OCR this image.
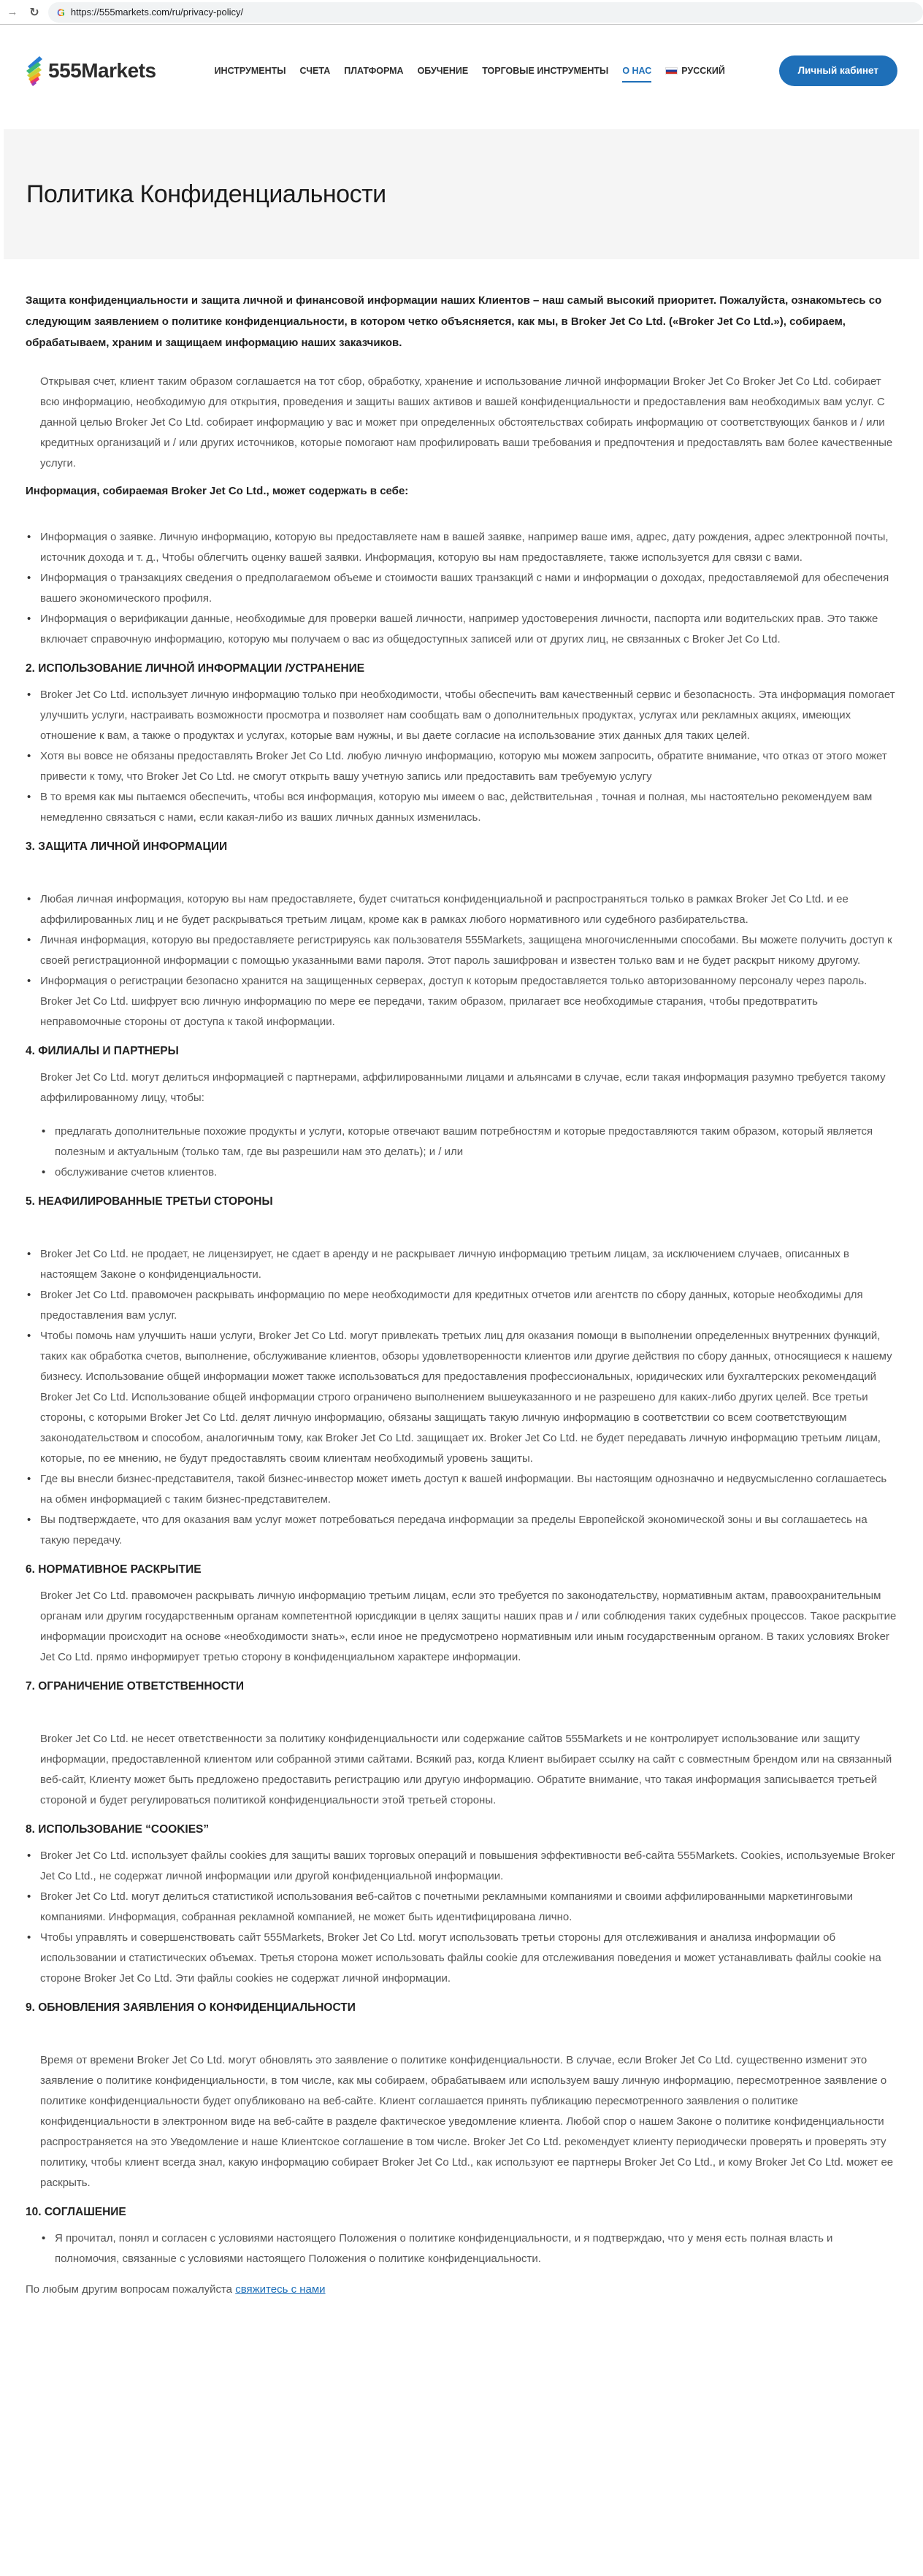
→ ↻	G https://555markets.com/ru/privacy-policy/
555Markets	ИНСТРУМЕНТЫ СЧЕТА ПЛАТФОРМА ОБУЧЕНИЕ ТОРГОВЫЕ ИНСТРУМЕНТЫ О НАС	РУССКИЙ	Личный кабинет
Политика Конфиденциальности

Защита конфиденциальности и защита личной и финансовой информации наших Клиентов – наш самый высокий приоритет. Пожалуйста, ознакомьтесь со следующим заявлением о политике конфиденциальности, в котором четко объясняется, как мы, в Broker Jet Co Ltd. («Broker Jet Co Ltd.»), собираем, обрабатываем, храним и защищаем информацию наших заказчиков.

Открывая счет, клиент таким образом соглашается на тот сбор, обработку, хранение и использование личной информации Broker Jet Co Broker Jet Co Ltd. собирает всю информацию, необходимую для открытия, проведения и защиты ваших активов и вашей конфиденциальности и предоставления вам необходимых вам услуг. С данной целью Broker Jet Co Ltd. собирает информацию у вас и может при определенных обстоятельствах собирать информацию от соответствующих банков и / или кредитных организаций и / или других источников, которые помогают нам профилировать ваши требования и предпочтения и предоставлять вам более качественные услуги.

Информация, собираемая Broker Jet Co Ltd., может содержать в себе:

• Информация о заявке. Личную информацию, которую вы предоставляете нам в вашей заявке, например ваше имя, адрес, дату рождения, адрес электронной почты, источник дохода и т. д., Чтобы облегчить оценку вашей заявки. Информация, которую вы нам предоставляете, также используется для связи с вами.
• Информация о транзакциях сведения о предполагаемом объеме и стоимости ваших транзакций с нами и информации о доходах, предоставляемой для обеспечения вашего экономического профиля.
• Информация о верификации данные, необходимые для проверки вашей личности, например удостоверения личности, паспорта или водительских прав. Это также включает справочную информацию, которую мы получаем о вас из общедоступных записей или от других лиц, не связанных с Broker Jet Co Ltd.
2. ИСПОЛЬЗОВАНИЕ ЛИЧНОЙ ИНФОРМАЦИИ /УСТРАНЕНИЕ
• Broker Jet Co Ltd. использует личную информацию только при необходимости, чтобы обеспечить вам качественный сервис и безопасность. Эта информация помогает улучшить услуги, настраивать возможности просмотра и позволяет нам сообщать вам о дополнительных продуктах, услугах или рекламных акциях, имеющих отношение к вам, а также о продуктах и услугах, которые вам нужны, и вы даете согласие на использование этих данных для таких целей.
• Хотя вы вовсе не обязаны предоставлять Broker Jet Co Ltd. любую личную информацию, которую мы можем запросить, обратите внимание, что отказ от этого может привести к тому, что Broker Jet Co Ltd. не смогут открыть вашу учетную запись или предоставить вам требуемую услугу
• В то время как мы пытаемся обеспечить, чтобы вся информация, которую мы имеем о вас, действительная , точная и полная, мы настоятельно рекомендуем вам немедленно связаться с нами, если какая-либо из ваших личных данных изменилась.
3. ЗАЩИТА ЛИЧНОЙ ИНФОРМАЦИИ
• Любая личная информация, которую вы нам предоставляете, будет считаться конфиденциальной и распространяться только в рамках Broker Jet Co Ltd. и ее аффилированных лиц и не будет раскрываться третьим лицам, кроме как в рамках любого нормативного или судебного разбирательства.
• Личная информация, которую вы предоставляете регистрируясь как пользователя 555Markets, защищена многочисленными способами. Вы можете получить доступ к своей регистрационной информации с помощью указанными вами пароля. Этот пароль зашифрован и известен только вам и не будет раскрыт никому другому.
• Информация о регистрации безопасно хранится на защищенных серверах, доступ к которым предоставляется только авторизованному персоналу через пароль. Broker Jet Co Ltd. шифрует всю личную информацию по мере ее передачи, таким образом, прилагает все необходимые старания, чтобы предотвратить неправомочные стороны от доступа к такой информации.
4. ФИЛИАЛЫ И ПАРТНЕРЫ

Broker Jet Co Ltd. могут делиться информацией с партнерами, аффилированными лицами и альянсами в случае, если такая информация разумно требуется такому аффилированному лицу, чтобы:

• предлагать дополнительные похожие продукты и услуги, которые отвечают вашим потребностям и которые предоставляются таким образом, который является полезным и актуальным (только там, где вы разрешили нам это делать); и / или
• обслуживание счетов клиентов.
5. НЕАФИЛИРОВАННЫЕ ТРЕТЬИ СТОРОНЫ
• Broker Jet Co Ltd. не продает, не лицензирует, не сдает в аренду и не раскрывает личную информацию третьим лицам, за исключением случаев, описанных в настоящем Законе о конфиденциальности.
• Broker Jet Co Ltd. правомочен раскрывать информацию по мере необходимости для кредитных отчетов или агентств по сбору данных, которые необходимы для предоставления вам услуг.
• Чтобы помочь нам улучшить наши услуги, Broker Jet Co Ltd. могут привлекать третьих лиц для оказания помощи в выполнении определенных внутренних функций, таких как обработка счетов, выполнение, обслуживание клиентов, обзоры удовлетворенности клиентов или другие действия по сбору данных, относящиеся к нашему бизнесу. Использование общей информации может также использоваться для предоставления профессиональных, юридических или бухгалтерских рекомендаций Broker Jet Co Ltd. Использование общей информации строго ограничено выполнением вышеуказанного и не разрешено для каких-либо других целей. Все третьи стороны, с которыми Broker Jet Co Ltd. делят личную информацию, обязаны защищать такую личную информацию в соответствии со всем соответствующим законодательством и способом, аналогичным тому, как Broker Jet Co Ltd. защищает их. Broker Jet Co Ltd. не будет передавать личную информацию третьим лицам, которые, по ее мнению, не будут предоставлять своим клиентам необходимый уровень защиты.
• Где вы внесли бизнес-представителя, такой бизнес-инвестор может иметь доступ к вашей информации. Вы настоящим однозначно и недвусмысленно соглашаетесь на обмен информацией с таким бизнес-представителем.
• Вы подтверждаете, что для оказания вам услуг может потребоваться передача информации за пределы Европейской экономической зоны и вы соглашаетесь на такую передачу.
6. НОРМАТИВНОЕ РАСКРЫТИЕ

Broker Jet Co Ltd. правомочен раскрывать личную информацию третьим лицам, если это требуется по законодательству, нормативным актам, правоохранительным органам или другим государственным органам компетентной юрисдикции в целях защиты наших прав и / или соблюдения таких судебных процессов. Такое раскрытие информации происходит на основе «необходимости знать», если иное не предусмотрено нормативным или иным государственным органом. В таких условиях Broker Jet Co Ltd. прямо информирует третью сторону в конфиденциальном характере информации.

7. ОГРАНИЧЕНИЕ ОТВЕТСТВЕННОСТИ

Broker Jet Co Ltd. не несет ответственности за политику конфиденциальности или содержание сайтов 555Markets и не контролирует использование или защиту информации, предоставленной клиентом или собранной этими сайтами. Всякий раз, когда Клиент выбирает ссылку на сайт с совместным брендом или на связанный веб-сайт, Клиенту может быть предложено предоставить регистрацию или другую информацию. Обратите внимание, что такая информация записывается третьей стороной и будет регулироваться политикой конфиденциальности этой третьей стороны.

8. ИСПОЛЬЗОВАНИЕ “COOKIES”
• Broker Jet Co Ltd. использует файлы cookies для защиты ваших торговых операций и повышения эффективности веб-сайта 555Markets. Cookies, используемые Broker Jet Co Ltd., не содержат личной информации или другой конфиденциальной информации.
• Broker Jet Co Ltd. могут делиться статистикой использования веб-сайтов с почетными рекламными компаниями и своими аффилированными маркетинговыми компаниями. Информация, собранная рекламной компанией, не может быть идентифицирована лично.
• Чтобы управлять и совершенствовать сайт 555Markets, Broker Jet Co Ltd. могут использовать третьи стороны для отслеживания и анализа информации об использовании и статистических объемах. Третья сторона может использовать файлы cookie для отслеживания поведения и может устанавливать файлы cookie на стороне Broker Jet Co Ltd. Эти файлы cookies не содержат личной информации.
9. ОБНОВЛЕНИЯ ЗАЯВЛЕНИЯ О КОНФИДЕНЦИАЛЬНОСТИ

Время от времени Broker Jet Co Ltd. могут обновлять это заявление о политике конфиденциальности. В случае, если Broker Jet Co Ltd. существенно изменит это заявление о политике конфиденциальности, в том числе, как мы собираем, обрабатываем или используем вашу личную информацию, пересмотренное заявление о политике конфиденциальности будет опубликовано на веб-сайте. Клиент соглашается принять публикацию пересмотренного заявления о политике конфиденциальности в электронном виде на веб-сайте в разделе фактическое уведомление клиента. Любой спор о нашем Законе о политике конфиденциальности распространяется на это Уведомление и наше Клиентское соглашение в том числе. Broker Jet Co Ltd. рекомендует клиенту периодически проверять и проверять эту политику, чтобы клиент всегда знал, какую информацию собирает Broker Jet Co Ltd., как используют ее партнеры Broker Jet Co Ltd., и кому Broker Jet Co Ltd. может ее раскрыть.

10. СОГЛАШЕНИЕ
• Я прочитал, понял и согласен с условиями настоящего Положения о политике конфиденциальности, и я подтверждаю, что у меня есть полная власть и полномочия, связанные с условиями настоящего Положения о политике конфиденциальности.

По любым другим вопросам пожалуйста свяжитесь с нами
